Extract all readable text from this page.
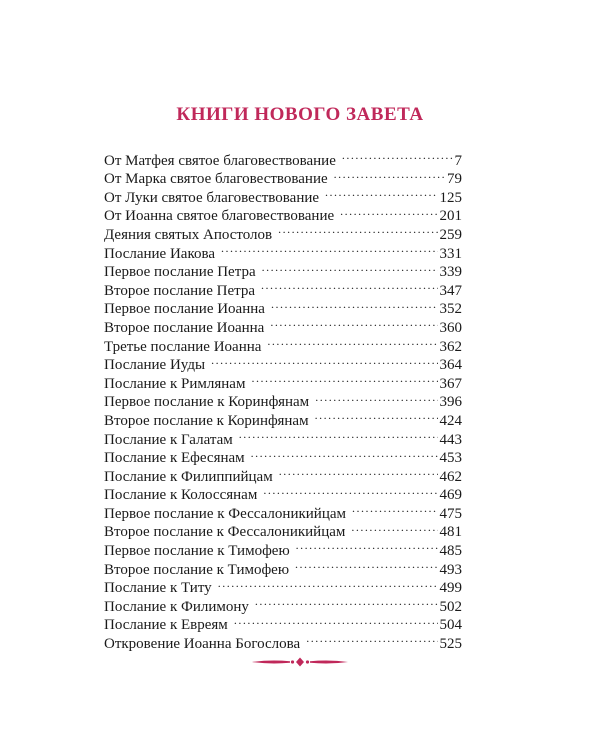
КНИГИ НОВОГО ЗАВЕТА
От Матфея святое благовествование .....	7
От Марка святое благовествование .....	79
От Луки святое благовествование .....	125
От Иоанна святое благовествование .....	201
Деяния святых Апостолов .....	259
Послание Иакова .....	331
Первое послание Петра .....	339
Второе послание Петра .....	347
Первое послание Иоанна .....	352
Второе послание Иоанна .....	360
Третье послание Иоанна .....	362
Послание Иуды .....	364
Послание к Римлянам .....	367
Первое послание к Коринфянам .....	396
Второе послание к Коринфянам .....	424
Послание к Галатам .....	443
Послание к Ефесянам .....	453
Послание к Филиппийцам .....	462
Послание к Колоссянам .....	469
Первое послание к Фессалоникийцам .....	475
Второе послание к Фессалоникийцам .....	481
Первое послание к Тимофею .....	485
Второе послание к Тимофею .....	493
Послание к Титу .....	499
Послание к Филимону .....	502
Послание к Евреям .....	504
Откровение Иоанна Богослова .....	525
